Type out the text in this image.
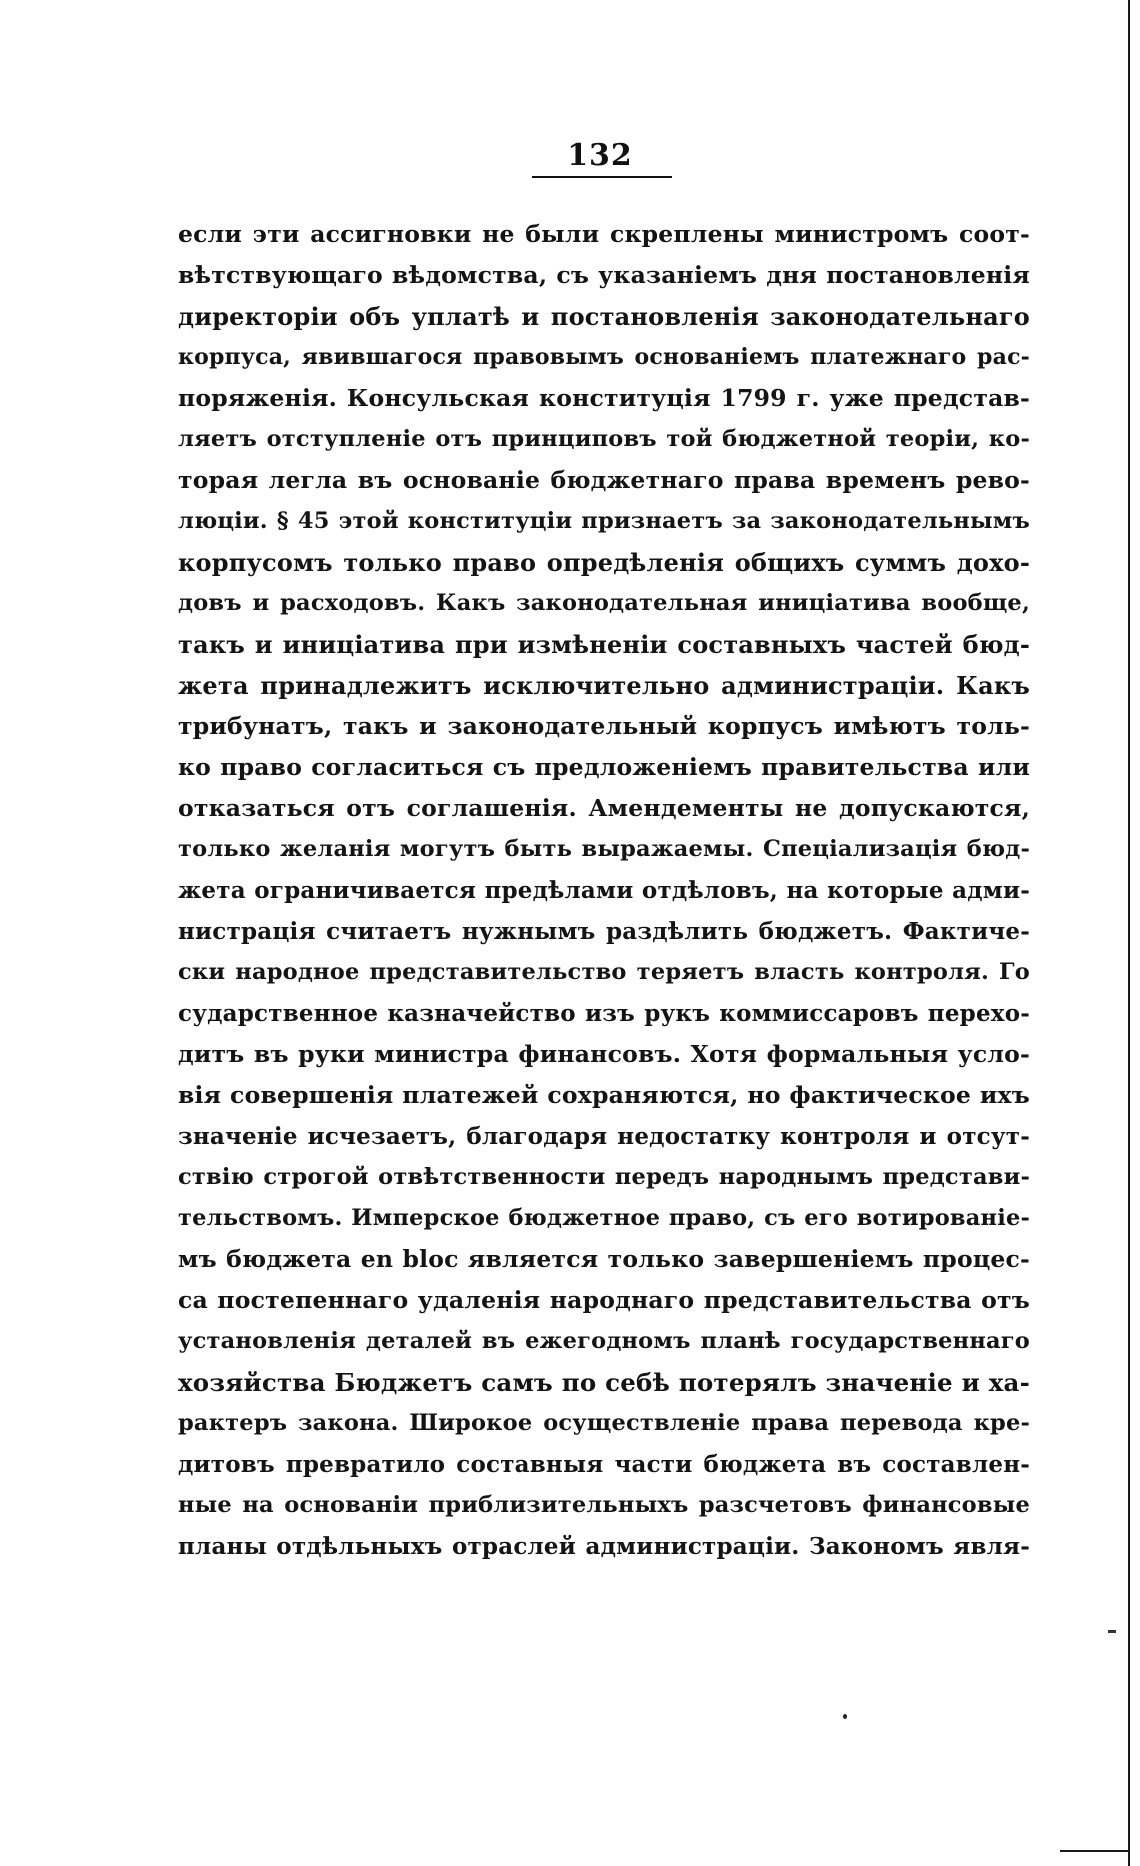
132
если эти ассигновки не были скреплены министромъ соот-
вѣтствующаго вѣдомства, съ указаніемъ дня постановленія
директоріи объ уплатѣ и постановленія законодательнаго
корпуса, явившагося правовымъ основаніемъ платежнаго рас-
поряженія. Консульская конституція 1799 г. уже представ-
ляетъ отступленіе отъ принциповъ той бюджетной теоріи, ко-
торая легла въ основаніе бюджетнаго права временъ рево-
люціи. § 45 этой конституціи признаетъ за законодательнымъ
корпусомъ только право опредѣленія общихъ суммъ дохо-
довъ и расходовъ. Какъ законодательная иниціатива вообще,
такъ и иниціатива при измѣненіи составныхъ частей бюд-
жета принадлежитъ исключительно администраціи. Какъ
трибунатъ, такъ и законодательный корпусъ имѣютъ толь-
ко право согласиться съ предложеніемъ правительства или
отказаться отъ соглашенія. Амендементы не допускаются,
только желанія могутъ быть выражаемы. Спеціализація бюд-
жета ограничивается предѣлами отдѣловъ, на которые адми-
нистрація считаетъ нужнымъ раздѣлить бюджетъ. Фактиче-
ски народное представительство теряетъ власть контроля. Го
сударственное казначейство изъ рукъ коммиссаровъ перехо-
дитъ въ руки министра финансовъ. Хотя формальныя усло-
вія совершенія платежей сохраняются, но фактическое ихъ
значеніе исчезаетъ, благодаря недостатку контроля и отсут-
ствію строгой отвѣтственности передъ народнымъ представи-
тельствомъ. Имперское бюджетное право, съ его вотированіе-
мъ бюджета en bloc является только завершеніемъ процес-
са постепеннаго удаленія народнаго представительства отъ
установленія деталей въ ежегодномъ планѣ государственнаго
хозяйства Бюджетъ самъ по себѣ потерялъ значеніе и ха-
рактеръ закона. Широкое осуществленіе права перевода кре-
дитовъ превратило составныя части бюджета въ составлен-
ные на основаніи приблизительныхъ разсчетовъ финансовые
планы отдѣльныхъ отраслей администраціи. Закономъ явля-
